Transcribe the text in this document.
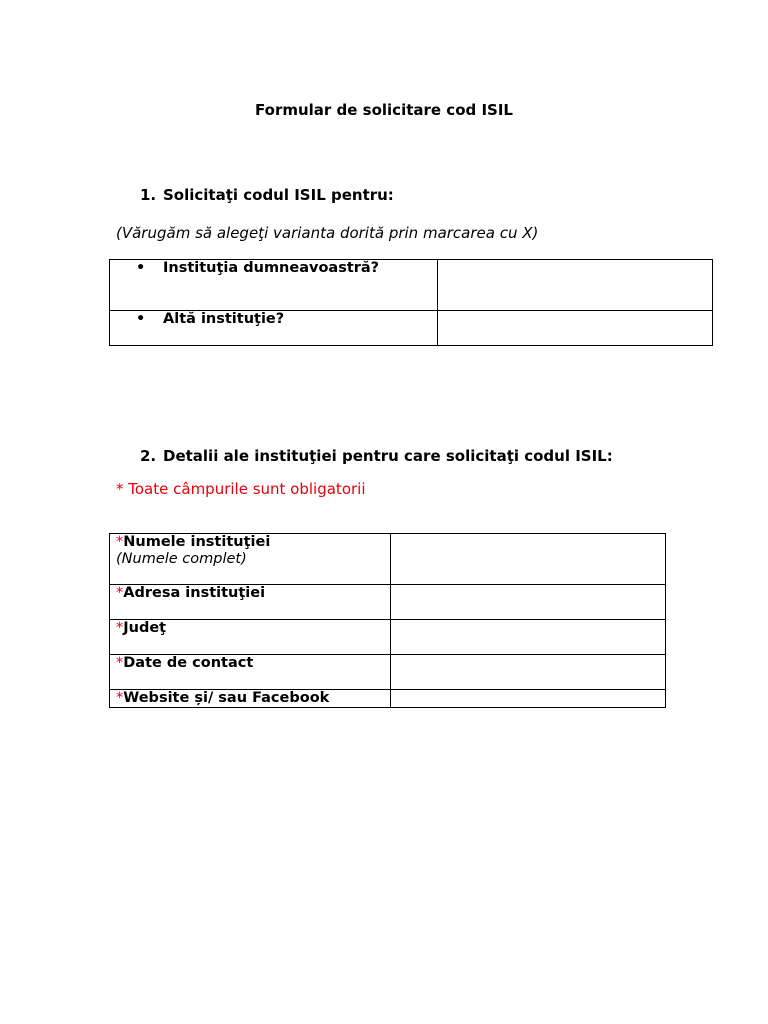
Formular de solicitare cod ISIL
1. Solicitaţi codul ISIL pentru:
(Vărugăm să alegeţi varianta dorită prin marcarea cu X)
• Instituţia dumneavoastră?	

• Altă instituţie?	

2. Detalii ale instituţiei pentru care solicitaţi codul ISIL:
* Toate câmpurile sunt obligatorii
*Numele instituţiei
(Numele complet)	

*Adresa instituţiei	
*Judeţ	
*Date de contact	
*Website și/ sau Facebook	
